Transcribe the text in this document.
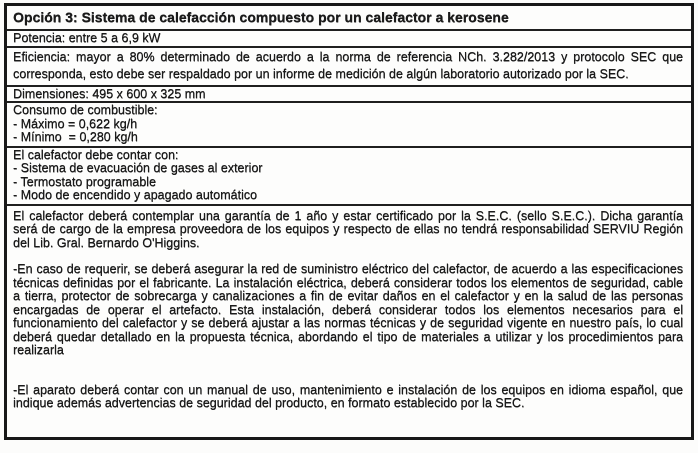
Opción 3: Sistema de calefacción compuesto por un calefactor a kerosene
Potencia: entre 5 a 6,9 kW
Eficiencia: mayor a 80% determinado de acuerdo a la norma de referencia NCh. 3.282/2013 y protocolo SEC que corresponda, esto debe ser respaldado por un informe de medición de algún laboratorio autorizado por la SEC.
Dimensiones: 495 x 600 x 325 mm
Consumo de combustible:
- Máximo = 0,622 kg/h
- Mínimo  = 0,280 kg/h
El calefactor debe contar con:
- Sistema de evacuación de gases al exterior
- Termostato programable
- Modo de encendido y apagado automático

El calefactor deberá contemplar una garantía de 1 año y estar certificado por la S.E.C. (sello S.E.C.). Dicha garantía será de cargo de la empresa proveedora de los equipos y respecto de ellas no tendrá responsabilidad SERVIU Región del Lib. Gral. Bernardo O'Higgins.

-En caso de requerir, se deberá asegurar la red de suministro eléctrico del calefactor, de acuerdo a las especificaciones técnicas definidas por el fabricante. La instalación eléctrica, deberá considerar todos los elementos de seguridad, cable a tierra, protector de sobrecarga y canalizaciones a fin de evitar daños en el calefactor y en la salud de las personas encargadas de operar el artefacto. Esta instalación, deberá considerar todos los elementos necesarios para el funcionamiento del calefactor y se deberá ajustar a las normas técnicas y de seguridad vigente en nuestro país, lo cual deberá quedar detallado en la propuesta técnica, abordando el tipo de materiales a utilizar y los procedimientos para realizarla

-El aparato deberá contar con un manual de uso, mantenimiento e instalación de los equipos en idioma español, que indique además advertencias de seguridad del producto, en formato establecido por la SEC.
